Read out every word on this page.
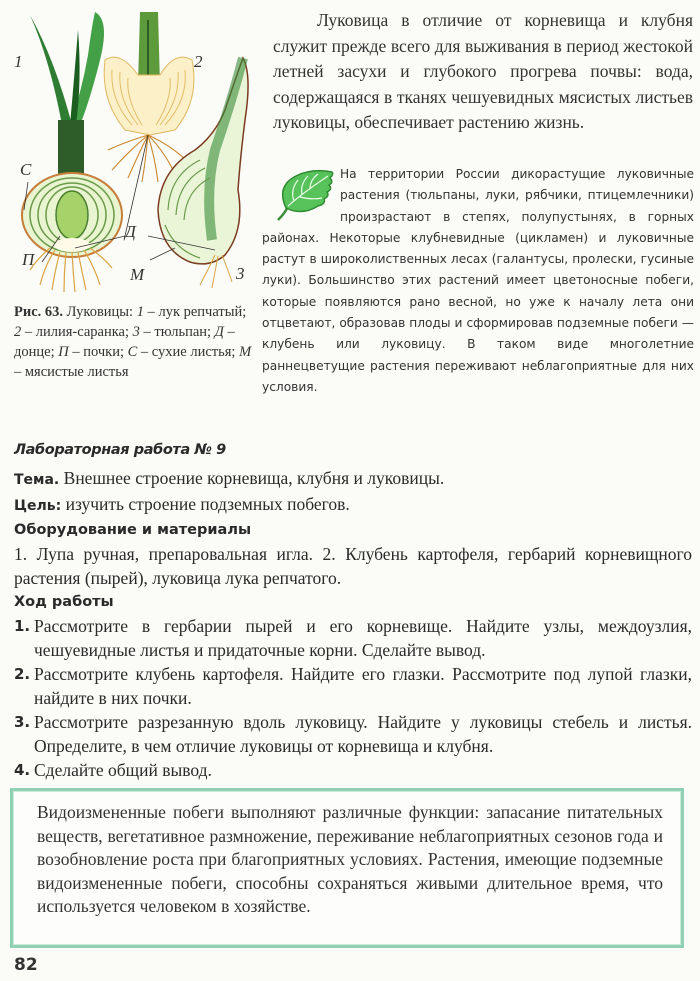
1	2
3
С
П
Д
М
Рис. 63. Луковицы: 1 – лук репчатый; 2 – лилия-саранка; 3 – тюльпан; Д – донце; П – почки; С – сухие листья; М – мясистые листья

Луковица в отличие от корневища и клубня служит прежде всего для выживания в период жестокой летней засухи и глубокого прогрева почвы: вода, содержащаяся в тканях чешуевидных мясистых листьев луковицы, обеспечивает растению жизнь.

На территории России дикорастущие луковичные растения (тюльпаны, луки, рябчики, птицемлечники) произрастают в степях, полупустынях, в горных районах. Некоторые клубневидные (цикламен) и луковичные растут в широколиственных лесах (галантусы, пролески, гусиные луки). Большинство этих растений имеет цветоносные побеги, которые появляются рано весной, но уже к началу лета они отцветают, образовав плоды и сформировав подземные побеги — клубень или луковицу. В таком виде многолетние раннецветущие растения переживают неблагоприятные для них условия.

Лабораторная работа № 9
Тема. Внешнее строение корневища, клубня и луковицы.
Цель: изучить строение подземных побегов.
Оборудование и материалы

1. Лупа ручная, препаровальная игла. 2. Клубень картофеля, гербарий корневищного растения (пырей), луковица лука репчатого.

Ход работы
1. Рассмотрите в гербарии пырей и его корневище. Найдите узлы, междоузлия, чешуевидные листья и придаточные корни. Сделайте вывод.
2. Рассмотрите клубень картофеля. Найдите его глазки. Рассмотрите под лупой глазки, найдите в них почки.
3. Рассмотрите разрезанную вдоль луковицу. Найдите у луковицы стебель и листья. Определите, в чем отличие луковицы от корневища и клубня.
4. Сделайте общий вывод.

Видоизмененные побеги выполняют различные функции: запасание питательных веществ, вегетативное размножение, переживание неблагоприятных сезонов года и возобновление роста при благоприятных условиях. Растения, имеющие подземные видоизмененные побеги, способны сохраняться живыми длительное время, что используется человеком в хозяйстве.

82
